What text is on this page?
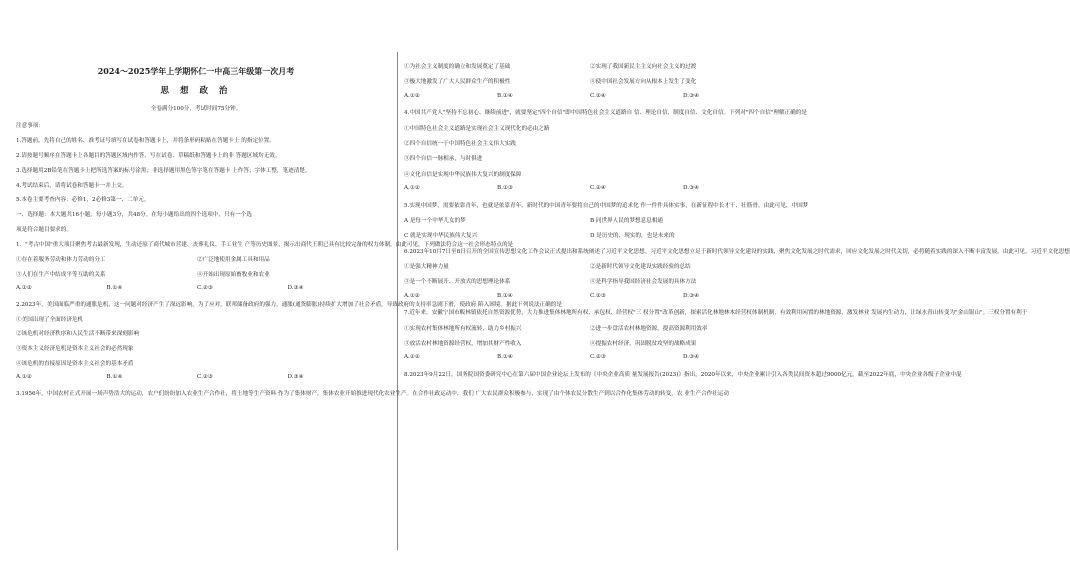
2024～2025学年上学期怀仁一中高三年级第一次月考
思 想 政 治
全卷满分100分，考试时间75分钟。
注意事项：
1.答题前，先将自己的姓名、准考证号填写在试卷和答题卡上，并将条形码粘贴在答题卡上 的指定位置。
2.请按题号顺序在答题卡上各题目的答题区域内作答，写在试卷、草稿纸和答题卡上的非 答题区域均无效。
3.选择题用2B铅笔在答题卡上把所选答案的标号涂黑；非选择题用黑色签字笔在答题卡 上作答；字体工整，笔迹清楚。
4.考试结束后，请将试卷和答题卡一并上交。
5.本卷主要考查内容：必修1，2必修3第一、二单元。
一、选择题：本大题共16小题，每小题3分，共48分。在每小题给出的四个选项中，只有一个选
项是符合题目要求的。
1．"考古中国"重大项目聚焦考古最新发现，生动还原了商代城市营建、丧葬礼仪、手工业生 产等历史图景，揭示出商代王朝已具有比较完备的权力体制。由此可见，下列做法符合这一社会形态特点的是
①存在着服务劳动和体力劳动的分工	②广泛地使用金属工具和用品
③人们在生产中结成平等互助的关系	④开始出现原始畜牧业和农业
A.①②	B.①④	C.②③	D.③④
2.2023年，美国面临严重的通胀危机，这一问题对经济产生了深远影响。为了应对，联邦储备政府的强力，通胀(通货膨胀)持续扩大增加了社会矛盾，导致政府的支持率急剧下滑，使政府 陷入困境。据此下列说法正确的是
①美国出现了全面经济危机
②该危机对经济秩序和人民生活不断带来深刻影响
③资本主义经济危机是资本主义社会的必然现象
④该危机的直接原因是资本主义社会的基本矛盾
A.①②	B.①④	C.②③	D.③④
3.1956年，中国农村正式开展一场声势浩大的运动，农户们纷纷加入农业生产合作社，将土地等生产资料 作为了集体财产，集体农业开始推进现代化农业生产。在合作社政运动中，我们 广大农民群众积极参与，实现了由个体农民分散生产到以合作化集体劳动的转变。农 业生产合作社运动
①为社会主义制度的确立和发展奠定了基础	②实现了我国新民主主义向社会主义的过渡
③极大地激发了广大人民群众生产的积极性	④使中国社会发展方向从根本上发生了变化
A.①②	B.①④	C.②④	D.③④
4.中国共产党人"坚持不忘初心、继续前进"，就要坚定"四个自信"即中国特色社会主义道路自 信、理论自信、制度自信、文化自信。下列对"四个自信"理解正确的是
①中国特色社会主义道路是实现社会主义现代化的必由之路
②四个自信统一于中国特色社会主义伟大实践
③四个自信一脉相承，与时俱进
④文化自信是实现中华民族伟大复兴的制度保障
A.①②	B.①③	C.②④	D.③④
5.实现中国梦，需要依靠青年，也就是依靠青年。新时代的中国青年要将自己的中国梦的追求化 作一件件具体实事，在新征程中长才干、壮筋骨。由此可见，中国梦
A 是每一个中华儿女的梦	B 同世界人民的梦想息息相通
C 就是实现中华民族伟大复兴	D 是历史的、现实的，也是未来的
6.2023年10月7日至8日召开的全国宣传思想文化工作会议正式提出和系统阐述了习近平文化思想。习近平文化思想立足于新时代领导文化建设的实践，聚焦文化发展之时代需求，回应文化发展之时代关切，必将随着实践的深入不断丰富发展。由此可见，习近平文化思想
①是强大精神力量	②是新时代领导文化建设实践经验的总结
③是一个不断展开、开放式的思想理论体系	④是科学指导我国经济社会发展的具体方法
A.①②	B.①④	C.②③	D.③④
7.近年来，安徽宁国市畈林镇依托自然资源优势，大力推进集体林地所有权、承包权、经营权"三 权分置"改革创新，探索活化林地林木经营权体制机制，有效利用闲置的林地资源，激发林业 发展内生动力，让绿水青山转变为"金山银山"。三权分置有利于
①实现农村集体林地所有权流转，助力乡村振兴	②进一步盘活农村林地资源，提高资源利用效率
③放活农村林地资源经营权，增加其财产性收入	④提振农村经济，巩固脱贫攻坚的战略成果
A.①②	B.①④	C.②③	D.③④
8.2023年9月22日，国务院国资委研究中心在第六届中国企业论坛上发布的《中央企业高质 量发展报告(2023)》指出，2020年以来，中央企业累计引入各类民间资本超过9000亿元。截至2022年底，中央企业各级子企业中混
